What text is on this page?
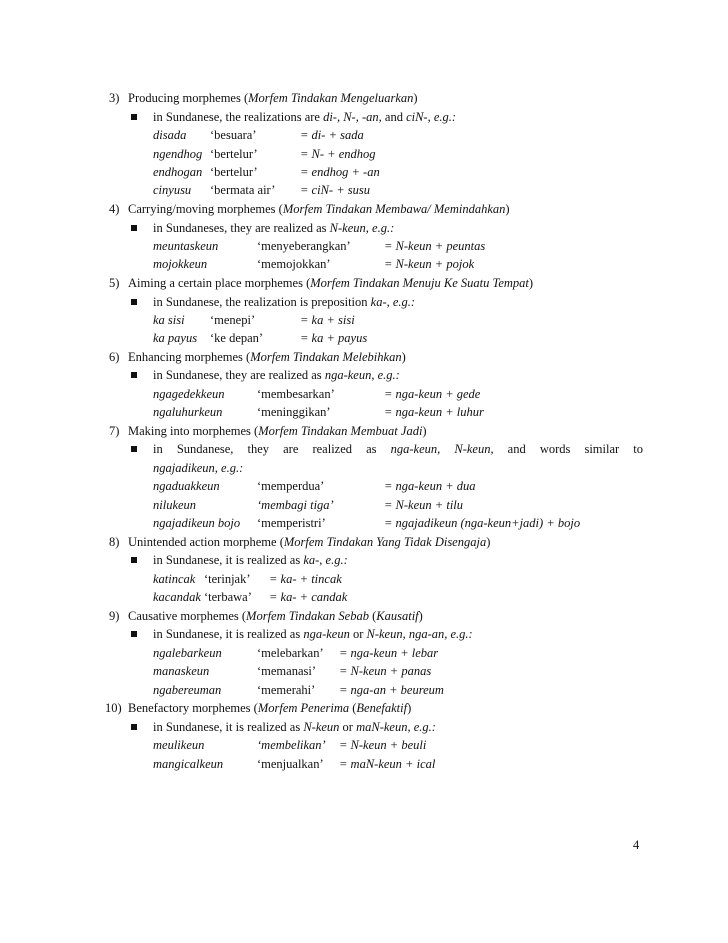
3) Producing morphemes (Morfem Tindakan Mengeluarkan)
in Sundanese, the realizations are di-, N-, -an, and ciN-, e.g.:
disada ‘besuara’	= di- + sada
ngendhog ‘bertelur’	= N- + endhog
endhogan ‘bertelur’	= endhog + -an
cinyusu ‘bermata air’ = ciN- + susu
4) Carrying/moving morphemes (Morfem Tindakan Membawa/ Memindahkan)
in Sundaneses, they are realized as N-keun, e.g.:
meuntaskeun	‘menyeberangkan’	= N-keun + peuntas
mojokkeun	‘memojokkan’	= N-keun + pojok
5) Aiming a certain place morphemes (Morfem Tindakan Menuju Ke Suatu Tempat)
in Sundanese, the realization is preposition ka-, e.g.:
ka sisi ‘menepi’	= ka + sisi
ka payus ‘ke depan’	= ka + payus
6) Enhancing morphemes (Morfem Tindakan Melebihkan)
in Sundanese, they are realized as nga-keun, e.g.:
ngagedekkeun	‘membesarkan’	= nga-keun + gede
ngaluhurkeun	‘meninggikan’	= nga-keun + luhur
7) Making into morphemes (Morfem Tindakan Membuat Jadi)
in Sundanese, they are realized as nga-keun, N-keun, and words similar to
ngajadikeun, e.g.:
ngaduakkeun	‘memperdua’	= nga-keun + dua
nilukeun	‘membagi tiga’	= N-keun + tilu
ngajadikeun bojo ‘memperistri’	= ngajadikeun (nga-keun+jadi) + bojo
8) Unintended action morpheme (Morfem Tindakan Yang Tidak Disengaja)
in Sundanese, it is realized as ka-, e.g.:
katincak ‘terinjak’ = ka- + tincak
kacandak ‘terbawa’ = ka- + candak
9) Causative morphemes (Morfem Tindakan Sebab (Kausatif)
in Sundanese, it is realized as nga-keun or N-keun, nga-an, e.g.:
ngalebarkeun	‘melebarkan’ = nga-keun + lebar
manaskeun	‘memanasi’ = N-keun + panas
ngabereuman	‘memerahi’ = nga-an + beureum
10) Benefactory morphemes (Morfem Penerima (Benefaktif)
in Sundanese, it is realized as N-keun or maN-keun, e.g.:
meulikeun	‘membelikan’ = N-keun + beuli
mangicalkeun	‘menjualkan’ = maN-keun + ical
4
